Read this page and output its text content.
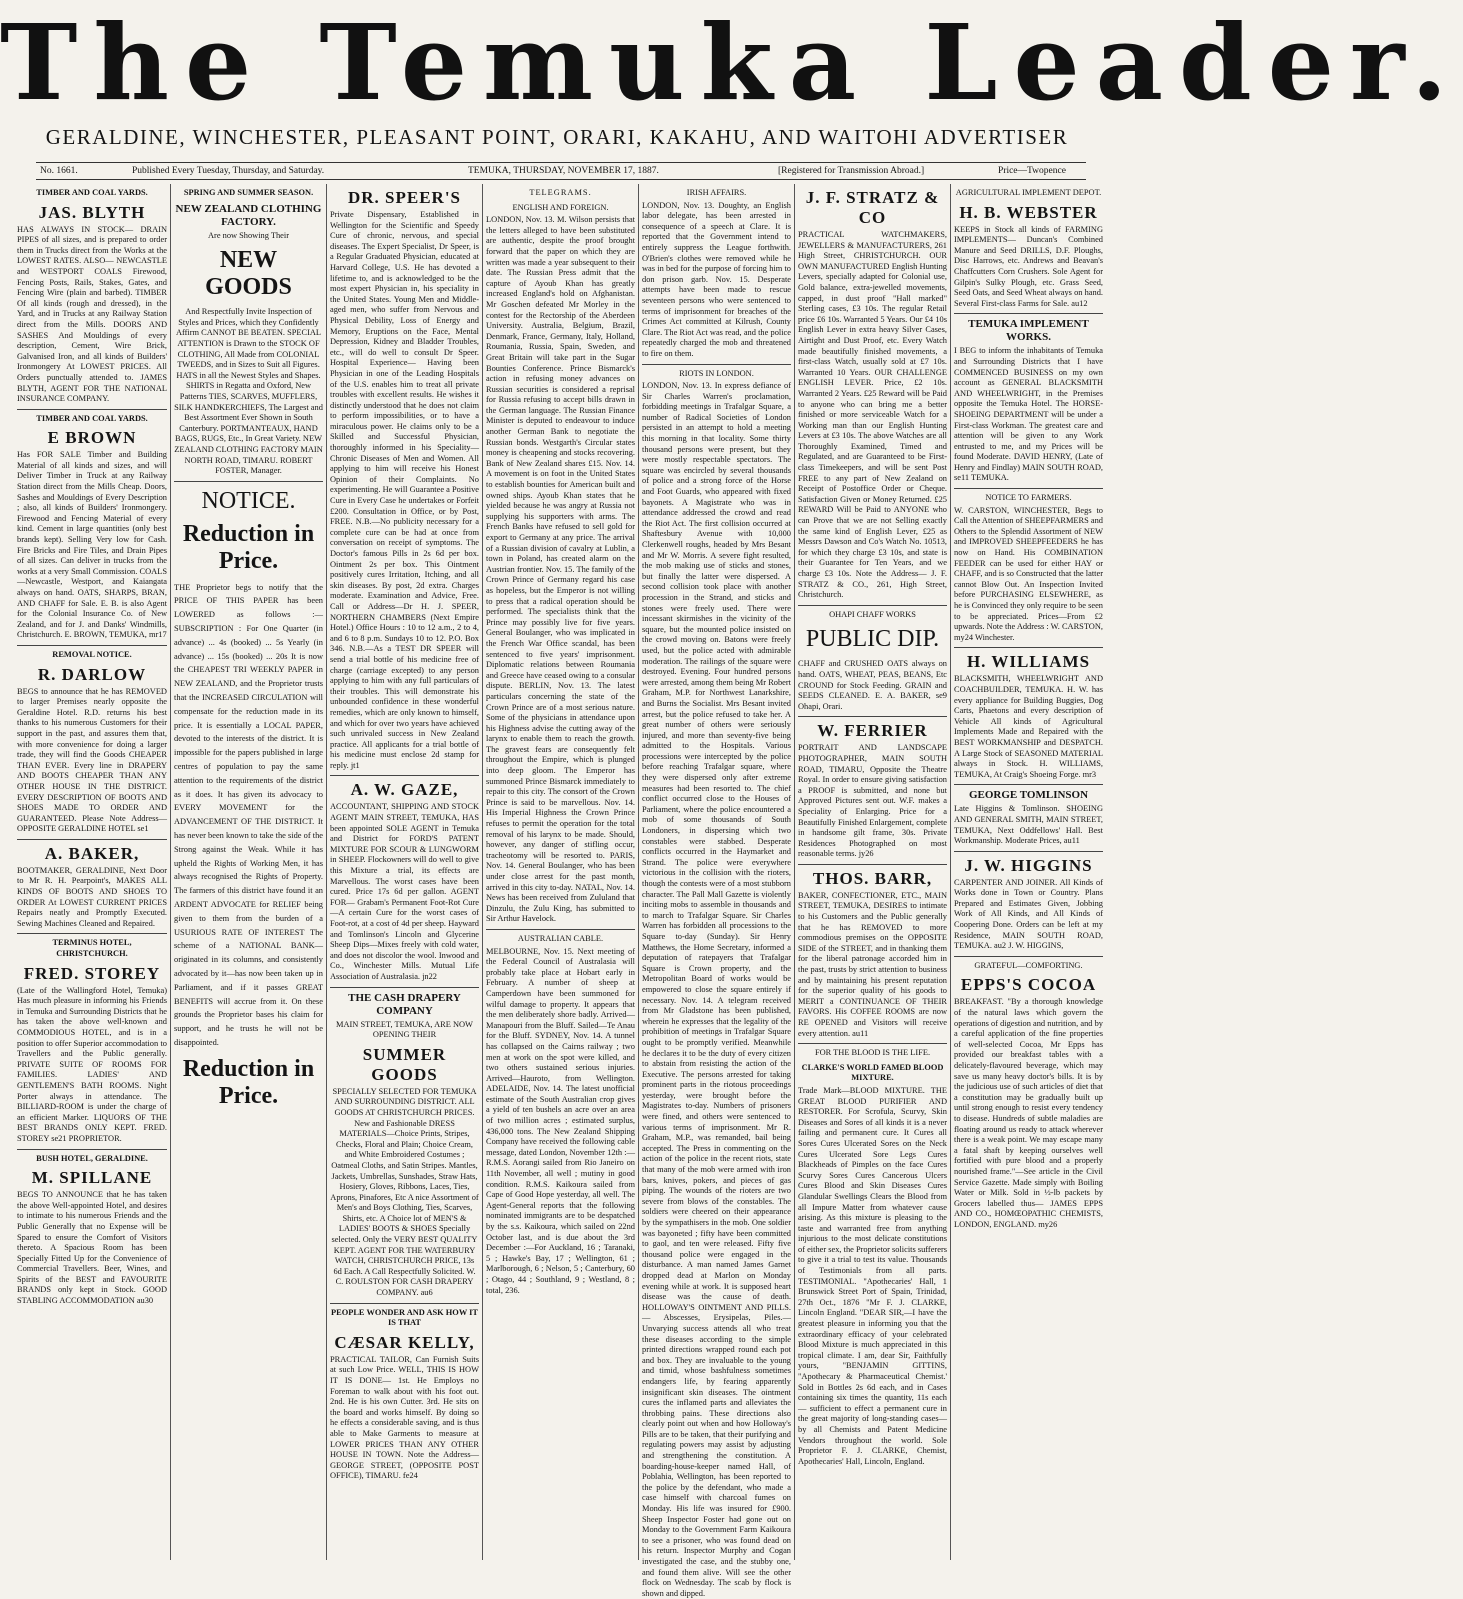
The Temuka Leader.
GERALDINE, WINCHESTER, PLEASANT POINT, ORARI, KAKAHU, AND WAITOHI ADVERTISER
No. 1661.	Published Every Tuesday, Thursday, and Saturday.	TEMUKA, THURSDAY, NOVEMBER 17, 1887.	[Registered for Transmission Abroad.]	Price—Twopence
TIMBER AND COAL YARDS.
JAS. BLYTH

HAS ALWAYS IN STOCK— DRAIN PIPES of all sizes, and is prepared to order them in Trucks direct from the Works at the LOWEST RATES. ALSO— NEWCASTLE and WESTPORT COALS Firewood, Fencing Posts, Rails, Stakes, Gates, and Fencing Wire (plain and barbed). TIMBER Of all kinds (rough and dressed), in the Yard, and in Trucks at any Railway Station direct from the Mills. DOORS AND SASHES And Mouldings of every description, Cement, Wire Brick, Galvanised Iron, and all kinds of Builders' Ironmongery At LOWEST PRICES. All Orders punctually attended to. JAMES BLYTH, AGENT FOR THE NATIONAL INSURANCE COMPANY.

TIMBER AND COAL YARDS.
E BROWN

Has FOR SALE Timber and Building Material of all kinds and sizes, and will Deliver Timber in Truck at any Railway Station direct from the Mills Cheap. Doors, Sashes and Mouldings of Every Description ; also, all kinds of Builders' Ironmongery. Firewood and Fencing Material of every kind. Cement in large quantities (only best brands kept). Selling Very low for Cash. Fire Bricks and Fire Tiles, and Drain Pipes of all sizes. Can deliver in trucks from the works at a very Small Commission. COALS—Newcastle, Westport, and Kaiangata always on hand. OATS, SHARPS, BRAN, AND CHAFF for Sale. E. B. is also Agent for the Colonial Insurance Co. of New Zealand, and for J. and Danks' Windmills, Christchurch. E. BROWN, TEMUKA, mr17

REMOVAL NOTICE.
R. DARLOW

BEGS to announce that he has REMOVED to larger Premises nearly opposite the Geraldine Hotel. R.D. returns his best thanks to his numerous Customers for their support in the past, and assures them that, with more convenience for doing a larger trade, they will find the Goods CHEAPER THAN EVER. Every line in DRAPERY AND BOOTS CHEAPER THAN ANY OTHER HOUSE IN THE DISTRICT. EVERY DESCRIPTION OF BOOTS AND SHOES MADE TO ORDER AND GUARANTEED. Please Note Address— OPPOSITE GERALDINE HOTEL se1

A. BAKER,

BOOTMAKER, GERALDINE, Next Door to Mr R. H. Pearpoint's, MAKES ALL KINDS OF BOOTS AND SHOES TO ORDER At LOWEST CURRENT PRICES Repairs neatly and Promptly Executed. Sewing Machines Cleaned and Repaired.

TERMINUS HOTEL, CHRISTCHURCH.
FRED. STOREY

(Late of the Wallingford Hotel, Temuka) Has much pleasure in informing his Friends in Temuka and Surrounding Districts that he has taken the above well-known and COMMODIOUS HOTEL, and is in a position to offer Superior accommodation to Travellers and the Public generally. PRIVATE SUITE OF ROOMS FOR FAMILIES. LADIES' AND GENTLEMEN'S BATH ROOMS. Night Porter always in attendance. The BILLIARD-ROOM is under the charge of an efficient Marker. LIQUORS OF THE BEST BRANDS ONLY KEPT. FRED. STOREY se21 PROPRIETOR.

BUSH HOTEL, GERALDINE.
M. SPILLANE

BEGS TO ANNOUNCE that he has taken the above Well-appointed Hotel, and desires to intimate to his numerous Friends and the Public Generally that no Expense will be Spared to ensure the Comfort of Visitors thereto. A Spacious Room has been Specially Fitted Up for the Convenience of Commercial Travellers. Beer, Wines, and Spirits of the BEST and FAVOURITE BRANDS only kept in Stock. GOOD STABLING ACCOMMODATION au30

SPRING AND SUMMER SEASON.
NEW ZEALAND CLOTHING FACTORY.
Are now Showing Their
NEW GOODS

And Respectfully Invite Inspection of Styles and Prices, which they Confidently Affirm CANNOT BE BEATEN. SPECIAL ATTENTION is Drawn to the STOCK OF CLOTHING, All Made from COLONIAL TWEEDS, and in Sizes to Suit all Figures. HATS in all the Newest Styles and Shapes. SHIRTS in Regatta and Oxford, New Patterns TIES, SCARVES, MUFFLERS, SILK HANDKERCHIEFS, The Largest and Best Assortment Ever Shown in South Canterbury. PORTMANTEAUX, HAND BAGS, RUGS, Etc., In Great Variety. NEW ZEALAND CLOTHING FACTORY MAIN NORTH ROAD, TIMARU. ROBERT FOSTER, Manager.

NOTICE.
Reduction in Price.

THE Proprietor begs to notify that the PRICE OF THIS PAPER has been LOWERED as follows :— SUBSCRIPTION : For One Quarter (in advance) ... 4s (booked) ... 5s Yearly (in advance) ... 15s (booked) ... 20s It is now the CHEAPEST TRI WEEKLY PAPER in NEW ZEALAND, and the Proprietor trusts that the INCREASED CIRCULATION will compensate for the reduction made in its price. It is essentially a LOCAL PAPER, devoted to the interests of the district. It is impossible for the papers published in large centres of population to pay the same attention to the requirements of the district as it does. It has given its advocacy to EVERY MOVEMENT for the ADVANCEMENT OF THE DISTRICT. It has never been known to take the side of the Strong against the Weak. While it has upheld the Rights of Working Men, it has always recognised the Rights of Property. The farmers of this district have found it an ARDENT ADVOCATE for RELIEF being given to them from the burden of a USURIOUS RATE OF INTEREST The scheme of a NATIONAL BANK—originated in its columns, and consistently advocated by it—has now been taken up in Parliament, and if it passes GREAT BENEFITS will accrue from it. On these grounds the Proprietor bases his claim for support, and he trusts he will not be disappointed.

Reduction in Price.
DR. SPEER'S

Private Dispensary, Established in Wellington for the Scientific and Speedy Cure of chronic, nervous, and special diseases. The Expert Specialist, Dr Speer, is a Regular Graduated Physician, educated at Harvard College, U.S. He has devoted a lifetime to, and is acknowledged to be the most expert Physician in, his speciality in the United States. Young Men and Middle-aged men, who suffer from Nervous and Physical Debility, Loss of Energy and Memory, Eruptions on the Face, Mental Depression, Kidney and Bladder Troubles, etc., will do well to consult Dr Speer. Hospital Experience— Having been Physician in one of the Leading Hospitals of the U.S. enables him to treat all private troubles with excellent results. He wishes it distinctly understood that he does not claim to perform impossibilities, or to have a miraculous power. He claims only to be a Skilled and Successful Physician, thoroughly informed in his Speciality— Chronic Diseases of Men and Women. All applying to him will receive his Honest Opinion of their Complaints. No experimenting. He will Guarantee a Positive Cure in Every Case he undertakes or Forfeit £200. Consultation in Office, or by Post, FREE. N.B.—No publicity necessary for a complete cure can be had at once from conversation on receipt of symptoms. The Doctor's famous Pills in 2s 6d per box. Ointment 2s per box. This Ointment positively cures Irritation, Itching, and all skin diseases. By post, 2d extra. Charges moderate. Examination and Advice, Free. Call or Address—Dr H. J. SPEER, NORTHERN CHAMBERS (Next Empire Hotel.) Office Hours : 10 to 12 a.m., 2 to 4, and 6 to 8 p.m. Sundays 10 to 12. P.O. Box 346. N.B.—As a TEST DR SPEER will send a trial bottle of his medicine free of charge (carriage excepted) to any person applying to him with any full particulars of their troubles. This will demonstrate his unbounded confidence in these wonderful remedies, which are only known to himself, and which for over two years have achieved such unrivaled success in New Zealand practice. All applicants for a trial bottle of his medicine must enclose 2d stamp for reply. jt1

A. W. GAZE,

ACCOUNTANT, SHIPPING AND STOCK AGENT MAIN STREET, TEMUKA, HAS been appointed SOLE AGENT in Temuka and District for FORD'S PATENT MIXTURE FOR SCOUR & LUNGWORM in SHEEP. Flockowners will do well to give this Mixture a trial, its effects are Marvellous. The worst cases have been cured. Price 17s 6d per gallon. AGENT FOR— Grabam's Permanent Foot-Rot Cure—A certain Cure for the worst cases of Foot-rot, at a cost of 4d per sheep. Hayward and Tomlinson's Lincoln and Glycerine Sheep Dips—Mixes freely with cold water, and does not discolor the wool. Inwood and Co., Winchester Mills. Mutual Life Association of Australasia. jn22

THE CASH DRAPERY COMPANY
MAIN STREET, TEMUKA, ARE NOW OPENING THEIR
SUMMER GOODS

SPECIALLY SELECTED FOR TEMUKA AND SURROUNDING DISTRICT. ALL GOODS AT CHRISTCHURCH PRICES. New and Fashionable DRESS MATERIALS—Choice Prints, Stripes, Checks, Floral and Plain; Choice Cream, and White Embroidered Costumes ; Oatmeal Cloths, and Satin Stripes. Mantles, Jackets, Umbrellas, Sunshades, Straw Hats, Hosiery, Gloves, Ribbons, Laces, Ties, Aprons, Pinafores, Etc A nice Assortment of Men's and Boys Clothing, Ties, Scarves, Shirts, etc. A Choice lot of MEN'S & LADIES' BOOTS & SHOES Specially selected. Only the VERY BEST QUALITY KEPT. AGENT FOR THE WATERBURY WATCH, CHRISTCHURCH PRICE, 13s 6d Each. A Call Respectfully Solicited. W. C. ROULSTON FOR CASH DRAPERY COMPANY. au6

PEOPLE WONDER AND ASK HOW IT IS THAT
CÆSAR KELLY,

PRACTICAL TAILOR, Can Furnish Suits at such Low Price. WELL, THIS IS HOW IT IS DONE— 1st. He Employs no Foreman to walk about with his foot out. 2nd. He is his own Cutter. 3rd. He sits on the board and works himself. By doing so he effects a considerable saving, and is thus able to Make Garments to measure at LOWER PRICES THAN ANY OTHER HOUSE IN TOWN. Note the Address— GEORGE STREET, (OPPOSITE POST OFFICE), TIMARU. fe24

TELEGRAMS.
ENGLISH AND FOREIGN.

LONDON, Nov. 13. M. Wilson persists that the letters alleged to have been substituted are authentic, despite the proof brought forward that the paper on which they are written was made a year subsequent to their date. The Russian Press admit that the capture of Ayoub Khan has greatly increased England's hold on Afghanistan. Mr Goschen defeated Mr Morley in the contest for the Rectorship of the Aberdeen University. Australia, Belgium, Brazil, Denmark, France, Germany, Italy, Holland, Roumania, Russia, Spain, Sweden, and Great Britain will take part in the Sugar Bounties Conference. Prince Bismarck's action in refusing money advances on Russian securities is considered a reprisal for Russia refusing to accept bills drawn in the German language. The Russian Finance Minister is deputed to endeavour to induce another German Bank to negotiate the Russian bonds. Westgarth's Circular states money is cheapening and stocks recovering. Bank of New Zealand shares £15. Nov. 14. A movement is on foot in the United States to establish bounties for American built and owned ships. Ayoub Khan states that he yielded because he was angry at Russia not supplying his supporters with arms. The French Banks have refused to sell gold for export to Germany at any price. The arrival of a Russian division of cavalry at Lublin, a town in Poland, has created alarm on the Austrian frontier. Nov. 15. The family of the Crown Prince of Germany regard his case as hopeless, but the Emperor is not willing to press that a radical operation should be performed. The specialists think that the Prince may possibly live for five years. General Boulanger, who was implicated in the French War Office scandal, has been sentenced to five years' imprisonment. Diplomatic relations between Roumania and Greece have ceased owing to a consular dispute. BERLIN, Nov. 13. The latest particulars concerning the state of the Crown Prince are of a most serious nature. Some of the physicians in attendance upon his Highness advise the cutting away of the larynx to enable them to reach the growth. The gravest fears are consequently felt throughout the Empire, which is plunged into deep gloom. The Emperor has summoned Prince Bismarck immediately to repair to this city. The consort of the Crown Prince is said to be marvellous. Nov. 14. His Imperial Highness the Crown Prince refuses to permit the operation for the total removal of his larynx to be made. Should, however, any danger of stifling occur, tracheotomy will be resorted to. PARIS, Nov. 14. General Boulanger, who has been under close arrest for the past month, arrived in this city to-day. NATAL, Nov. 14. News has been received from Zululand that Dinzulu, the Zulu King, has submitted to Sir Arthur Havelock.

AUSTRALIAN CABLE.

MELBOURNE, Nov. 15. Next meeting of the Federal Council of Australasia will probably take place at Hobart early in February. A number of sheep at Camperdown have been summoned for wilful damage to property. It appears that the men deliberately shore badly. Arrived—Manapouri from the Bluff. Sailed—Te Anau for the Bluff. SYDNEY, Nov. 14. A tunnel has collapsed on the Cairns railway ; two men at work on the spot were killed, and two others sustained serious injuries. Arrived—Hauroto, from Wellington. ADELAIDE, Nov. 14. The latest unofficial estimate of the South Australian crop gives a yield of ten bushels an acre over an area of two million acres ; estimated surplus, 436,000 tons. The New Zealand Shipping Company have received the following cable message, dated London, November 12th :— R.M.S. Aorangi sailed from Rio Janeiro on 11th November, all well ; mutiny in good condition. R.M.S. Kaikoura sailed from Cape of Good Hope yesterday, all well. The Agent-General reports that the following nominated immigrants are to be despatched by the s.s. Kaikoura, which sailed on 22nd October last, and is due about the 3rd December :—For Auckland, 16 ; Taranaki, 5 ; Hawke's Bay, 17 ; Wellington, 61 ; Marlborough, 6 ; Nelson, 5 ; Canterbury, 60 ; Otago, 44 ; Southland, 9 ; Westland, 8 ; total, 236.

IRISH AFFAIRS.

LONDON, Nov. 13. Doughty, an English labor delegate, has been arrested in consequence of a speech at Clare. It is reported that the Government intend to entirely suppress the League forthwith. O'Brien's clothes were removed while he was in bed for the purpose of forcing him to don prison garb. Nov. 15. Desperate attempts have been made to rescue seventeen persons who were sentenced to terms of imprisonment for breaches of the Crimes Act committed at Kilrush, County Clare. The Riot Act was read, and the police repeatedly charged the mob and threatened to fire on them.

RIOTS IN LONDON.

LONDON, Nov. 13. In express defiance of Sir Charles Warren's proclamation, forbidding meetings in Trafalgar Square, a number of Radical Societies of London persisted in an attempt to hold a meeting this morning in that locality. Some thirty thousand persons were present, but they were mostly respectable spectators. The square was encircled by several thousands of police and a strong force of the Horse and Foot Guards, who appeared with fixed bayonets. A Magistrate who was in attendance addressed the crowd and read the Riot Act. The first collision occurred at Shaftesbury Avenue with 10,000 Clerkenwell roughs, headed by Mrs Besant and Mr W. Morris. A severe fight resulted, the mob making use of sticks and stones, but finally the latter were dispersed. A second collision took place with another procession in the Strand, and sticks and stones were freely used. There were incessant skirmishes in the vicinity of the square, but the mounted police insisted on the crowd moving on. Batons were freely used, but the police acted with admirable moderation. The railings of the square were destroyed. Evening. Four hundred persons were arrested, among them being Mr Robert Graham, M.P. for Northwest Lanarkshire, and Burns the Socialist. Mrs Besant invited arrest, but the police refused to take her. A great number of others were seriously injured, and more than seventy-five being admitted to the Hospitals. Various processions were intercepted by the police before reaching Trafalgar square, where they were dispersed only after extreme measures had been resorted to. The chief conflict occurred close to the Houses of Parliament, where the police encountered a mob of some thousands of South Londoners, in dispersing which two constables were stabbed. Desperate conflicts occurred in the Haymarket and Strand. The police were everywhere victorious in the collision with the rioters, though the contests were of a most stubborn character. The Pall Mall Gazette is violently inciting mobs to assemble in thousands and to march to Trafalgar Square. Sir Charles Warren has forbidden all processions to the Square to-day (Sunday). Sir Henry Matthews, the Home Secretary, informed a deputation of ratepayers that Trafalgar Square is Crown property, and the Metropolitan Board of works would be empowered to close the square entirely if necessary. Nov. 14. A telegram received from Mr Gladstone has been published, wherein he expresses that the legality of the prohibition of meetings in Trafalgar Square ought to be promptly verified. Meanwhile he declares it to be the duty of every citizen to abstain from resisting the action of the Executive. The persons arrested for taking prominent parts in the riotous proceedings yesterday, were brought before the Magistrates to-day. Numbers of prisoners were fined, and others were sentenced to various terms of imprisonment. Mr R. Graham, M.P., was remanded, bail being accepted. The Press in commenting on the action of the police in the recent riots, state that many of the mob were armed with iron bars, knives, pokers, and pieces of gas piping. The wounds of the rioters are two severe from blows of the constables. The soldiers were cheered on their appearance by the sympathisers in the mob. One soldier was bayoneted ; fifty have been committed to gaol, and ten were released. Fifty five thousand police were engaged in the disturbance. A man named James Garnet dropped dead at Marlon on Monday evening while at work. It is supposed heart disease was the cause of death. HOLLOWAY'S OINTMENT AND PILLS.— Abscesses, Erysipelas, Piles.— Unvarying success attends all who treat these diseases according to the simple printed directions wrapped round each pot and box. They are invaluable to the young and timid, whose bashfulness sometimes endangers life, by fearing apparently insignificant skin diseases. The ointment cures the inflamed parts and alleviates the throbbing pains. These directions also clearly point out when and how Holloway's Pills are to be taken, that their purifying and regulating powers may assist by adjusting and strengthening the constitution. A boarding-house-keeper named Hall, of Poblahia, Wellington, has been reported to the police by the defendant, who made a case himself with charcoal fumes on Monday. His life was insured for £900. Sheep Inspector Foster had gone out on Monday to the Government Farm Kaikoura to see a prisoner, who was found dead on his return. Inspector Murphy and Cogan investigated the case, and the stubby one, and found them alive. Will see the other flock on Wednesday. The scab by flock is shown and dipped.

J. F. STRATZ & CO

PRACTICAL WATCHMAKERS, JEWELLERS & MANUFACTURERS, 261 High Street, CHRISTCHURCH. OUR OWN MANUFACTURED English Hunting Levers, specially adapted for Colonial use, Gold balance, extra-jewelled movements, capped, in dust proof "Hall marked" Sterling cases, £3 10s. The regular Retail price £6 10s. Warranted 5 Years. Our £4 10s English Lever in extra heavy Silver Cases, Airtight and Dust Proof, etc. Every Watch made beautifully finished movements, a first-class Watch, usually sold at £7 10s. Warranted 10 Years. OUR CHALLENGE ENGLISH LEVER. Price, £2 10s. Warranted 2 Years. £25 Reward will be Paid to anyone who can bring me a better finished or more serviceable Watch for a Working man than our English Hunting Levers at £3 10s. The above Watches are all Thoroughly Examined, Timed and Regulated, and are Guaranteed to be First-class Timekeepers, and will be sent Post FREE to any part of New Zealand on Receipt of Postoffice Order or Cheque. Satisfaction Given or Money Returned. £25 REWARD Will be Paid to ANYONE who can Prove that we are not Selling exactly the same kind of English Lever, £25 as Messrs Dawson and Co's Watch No. 10513, for which they charge £3 10s, and state is their Guarantee for Ten Years, and we charge £3 10s. Note the Address— J. F. STRATZ & CO., 261, High Street, Christchurch.

OHAPI CHAFF WORKS
PUBLIC DIP.

CHAFF and CRUSHED OATS always on hand. OATS, WHEAT, PEAS, BEANS, Etc CROUND for Stock Feeding. GRAIN and SEEDS CLEANED. E. A. BAKER, se9 Ohapi, Orari.

W. FERRIER

PORTRAIT AND LANDSCAPE PHOTOGRAPHER, MAIN SOUTH ROAD, TIMARU, Opposite the Theatre Royal. In order to ensure giving satisfaction a PROOF is submitted, and none but Approved Pictures sent out. W.F. makes a Speciality of Enlarging. Price for a Beautifully Finished Enlargement, complete in handsome gilt frame, 30s. Private Residences Photographed on most reasonable terms. jy26

THOS. BARR,

BAKER, CONFECTIONER, ETC., MAIN STREET, TEMUKA, DESIRES to intimate to his Customers and the Public generally that he has REMOVED to more commodious premises on the OPPOSITE SIDE of the STREET, and in thanking them for the liberal patronage accorded him in the past, trusts by strict attention to business and by maintaining his present reputation for the superior quality of his goods to MERIT a CONTINUANCE OF THEIR FAVORS. His COFFEE ROOMS are now RE OPENED and Visitors will receive every attention. au11

FOR THE BLOOD IS THE LIFE.
CLARKE'S WORLD FAMED BLOOD MIXTURE.

Trade Mark—BLOOD MIXTURE. THE GREAT BLOOD PURIFIER AND RESTORER. For Scrofula, Scurvy, Skin Diseases and Sores of all kinds it is a never failing and permanent cure. It Cures all Sores Cures Ulcerated Sores on the Neck Cures Ulcerated Sore Legs Cures Blackheads of Pimples on the face Cures Scurvy Sores Cures Cancerous Ulcers Cures Blood and Skin Diseases Cures Glandular Swellings Clears the Blood from all Impure Matter from whatever cause arising. As this mixture is pleasing to the taste and warranted free from anything injurious to the most delicate constitutions of either sex, the Proprietor solicits sufferers to give it a trial to test its value. Thousands of Testimonials from all parts. TESTIMONIAL. "Apothecaries' Hall, 1 Brunswick Street Port of Spain, Trinidad, 27th Oct., 1876 "Mr F. J. CLARKE, Lincoln England. "DEAR SIR,—I have the greatest pleasure in informing you that the extraordinary efficacy of your celebrated Blood Mixture is much appreciated in this tropical climate. I am, dear Sir, Faithfully yours, "BENJAMIN GITTINS, "Apothecary & Pharmaceutical Chemist.' Sold in Bottles 2s 6d each, and in Cases containing six times the quantity, 11s each— sufficient to effect a permanent cure in the great majority of long-standing cases—by all Chemists and Patent Medicine Vendors throughout the world. Sole Proprietor F. J. CLARKE, Chemist, Apothecaries' Hall, Lincoln, England.

AGRICULTURAL IMPLEMENT DEPOT.
H. B. WEBSTER

KEEPS in Stock all kinds of FARMING IMPLEMENTS— Duncan's Combined Manure and Seed DRILLS, D.F. Ploughs, Disc Harrows, etc. Andrews and Beavan's Chaffcutters Corn Crushers. Sole Agent for Gilpin's Sulky Plough, etc. Grass Seed, Seed Oats, and Seed Wheat always on hand. Several First-class Farms for Sale. au12

TEMUKA IMPLEMENT WORKS.

I BEG to inform the inhabitants of Temuka and Surrounding Districts that I have COMMENCED BUSINESS on my own account as GENERAL BLACKSMITH AND WHEELWRIGHT, in the Premises opposite the Temuka Hotel. The HORSE-SHOEING DEPARTMENT will be under a First-class Workman. The greatest care and attention will be given to any Work entrusted to me, and my Prices will be found Moderate. DAVID HENRY, (Late of Henry and Findlay) MAIN SOUTH ROAD, se11 TEMUKA.

NOTICE TO FARMERS.

W. CARSTON, WINCHESTER, Begs to Call the Attention of SHEEPFARMERS and Others to the Splendid Assortment of NEW and IMPROVED SHEEPFEEDERS he has now on Hand. His COMBINATION FEEDER can be used for either HAY or CHAFF, and is so Constructed that the latter cannot Blow Out. An Inspection Invited before PURCHASING ELSEWHERE, as he is Convinced they only require to be seen to be appreciated. Prices—From £2 upwards. Note the Address : W. CARSTON, my24 Winchester.

H. WILLIAMS

BLACKSMITH, WHEELWRIGHT AND COACHBUILDER, TEMUKA. H. W. has every appliance for Building Buggies, Dog Carts, Phaetons and every description of Vehicle All kinds of Agricultural Implements Made and Repaired with the BEST WORKMANSHIP and DESPATCH. A Large Stock of SEASONED MATERIAL always in Stock. H. WILLIAMS, TEMUKA, At Craig's Shoeing Forge. mr3

GEORGE TOMLINSON

Late Higgins & Tomlinson. SHOEING AND GENERAL SMITH, MAIN STREET, TEMUKA, Next Oddfellows' Hall. Best Workmanship. Moderate Prices, au11

J. W. HIGGINS

CARPENTER AND JOINER. All Kinds of Works done in Town or Country. Plans Prepared and Estimates Given, Jobbing Work of All Kinds, and All Kinds of Coopering Done. Orders can be left at my Residence, MAIN SOUTH ROAD, TEMUKA. au2 J. W. HIGGINS,

GRATEFUL—COMFORTING.
EPPS'S COCOA

BREAKFAST. "By a thorough knowledge of the natural laws which govern the operations of digestion and nutrition, and by a careful application of the fine properties of well-selected Cocoa, Mr Epps has provided our breakfast tables with a delicately-flavoured beverage, which may save us many heavy doctor's bills. It is by the judicious use of such articles of diet that a constitution may be gradually built up until strong enough to resist every tendency to disease. Hundreds of subtle maladies are floating around us ready to attack wherever there is a weak point. We may escape many a fatal shaft by keeping ourselves well fortified with pure blood and a properly nourished frame."—See article in the Civil Service Gazette. Made simply with Boiling Water or Milk. Sold in ½-lb packets by Grocers labelled thus— JAMES EPPS AND CO., HOMŒOPATHIC CHEMISTS, LONDON, ENGLAND. my26
